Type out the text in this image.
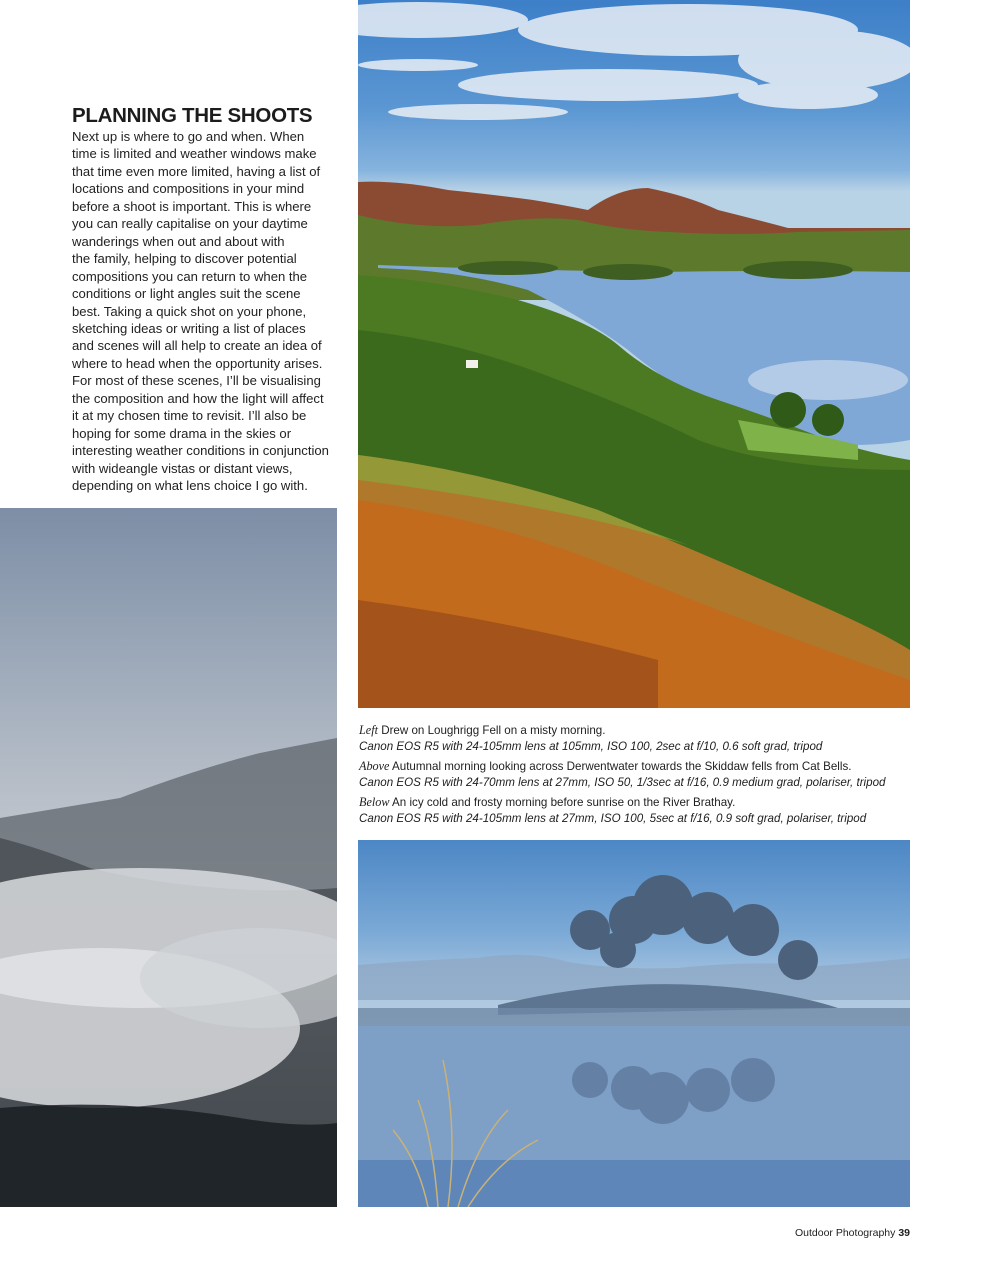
PLANNING THE SHOOTS

Next up is where to go and when. When
time is limited and weather windows make
that time even more limited, having a list of
locations and compositions in your mind
before a shoot is important. This is where
you can really capitalise on your daytime
wanderings when out and about with
the family, helping to discover potential
compositions you can return to when the
conditions or light angles suit the scene
best. Taking a quick shot on your phone,
sketching ideas or writing a list of places
and scenes will all help to create an idea of
where to head when the opportunity arises.
For most of these scenes, I’ll be visualising
the composition and how the light will affect
it at my chosen time to revisit. I’ll also be
hoping for some drama in the skies or
interesting weather conditions in conjunction
with wideangle vistas or distant views,
depending on what lens choice I go with.

Left Drew on Loughrigg Fell on a misty morning.
Canon EOS R5 with 24-105mm lens at 105mm, ISO 100, 2sec at f/10, 0.6 soft grad, tripod

Above Autumnal morning looking across Derwentwater towards the Skiddaw fells from Cat Bells.
Canon EOS R5 with 24-70mm lens at 27mm, ISO 50, 1/3sec at f/16, 0.9 medium grad, polariser, tripod

Below An icy cold and frosty morning before sunrise on the River Brathay.
Canon EOS R5 with 24-105mm lens at 27mm, ISO 100, 5sec at f/16, 0.9 soft grad, polariser, tripod

Outdoor Photography 39
